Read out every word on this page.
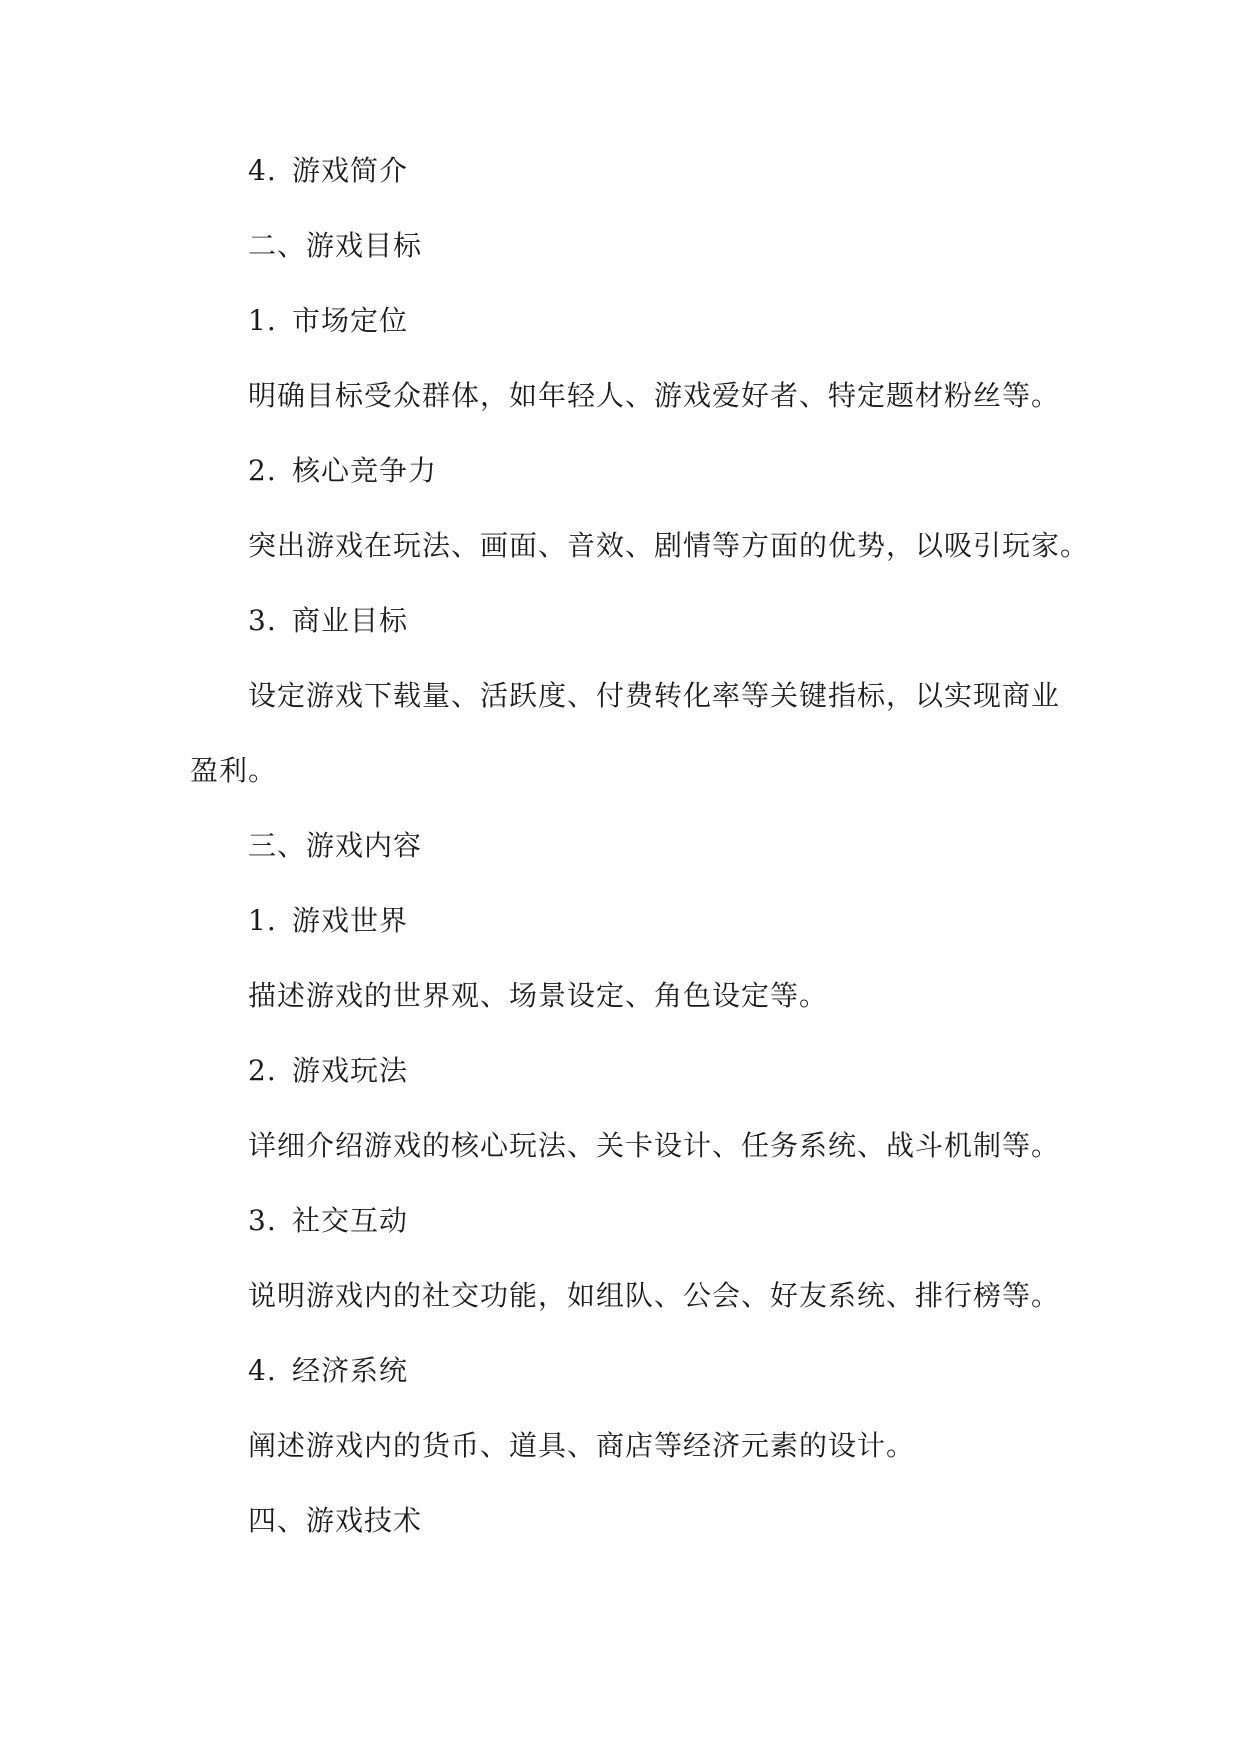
4. 游戏简介
二、游戏目标
1. 市场定位
明确目标受众群体，如年轻人、游戏爱好者、特定题材粉丝等。
2. 核心竞争力
突出游戏在玩法、画面、音效、剧情等方面的优势，以吸引玩家。
3. 商业目标
设定游戏下载量、活跃度、付费转化率等关键指标，以实现商业
盈利。
三、游戏内容
1. 游戏世界
描述游戏的世界观、场景设定、角色设定等。
2. 游戏玩法
详细介绍游戏的核心玩法、关卡设计、任务系统、战斗机制等。
3. 社交互动
说明游戏内的社交功能，如组队、公会、好友系统、排行榜等。
4. 经济系统
阐述游戏内的货币、道具、商店等经济元素的设计。
四、游戏技术
